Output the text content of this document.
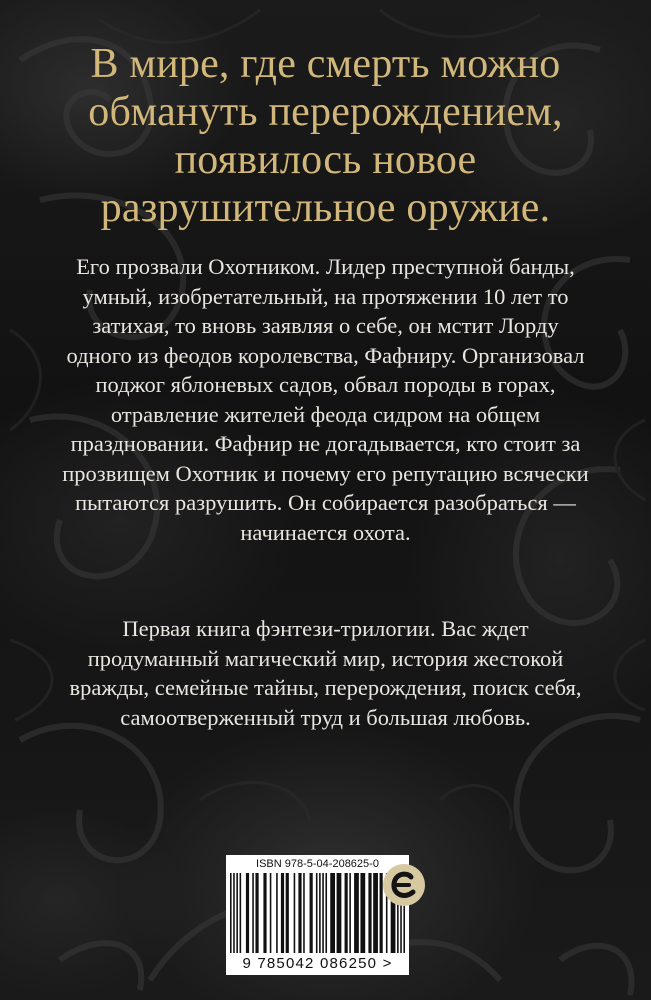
В мире, где смерть можно
обмануть перерождением,
появилось новое
разрушительное оружие.

Его прозвали Охотником. Лидер преступной банды, умный, изобретательный, на протяжении 10 лет то затихая, то вновь заявляя о себе, он мстит Лорду одного из феодов королевства, Фафниру. Организовал поджог яблоневых садов, обвал породы в горах, отравление жителей феода сидром на общем праздновании. Фафнир не догадывается, кто стоит за прозвищем Охотник и почему его репутацию всячески пытаются разрушить. Он собирается разобраться — начинается охота.

Первая книга фэнтези-трилогии. Вас ждет продуманный магический мир, история жестокой вражды, семейные тайны, перерождения, поиск себя, самоотверженный труд и большая любовь.

ISBN 978-5-04-208625-0
9 785042 086250 >
